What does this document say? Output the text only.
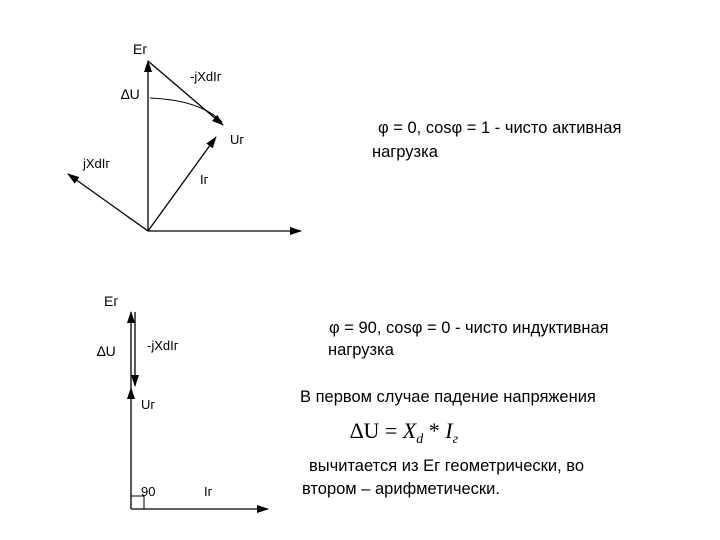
Ег
-jXdIг
∆U
Uг
jXdIг
Iг
Ег
∆U -jXdIг
Uг
90	Iг
φ = 0, cosφ = 1 - чисто активная
нагрузка
φ = 90, cosφ = 0 - чисто индуктивная
нагрузка
В первом случае падение напряжения
$\Delta U = X_d * I_г$
вычитается из Ег геометрически, во
втором – арифметически.
